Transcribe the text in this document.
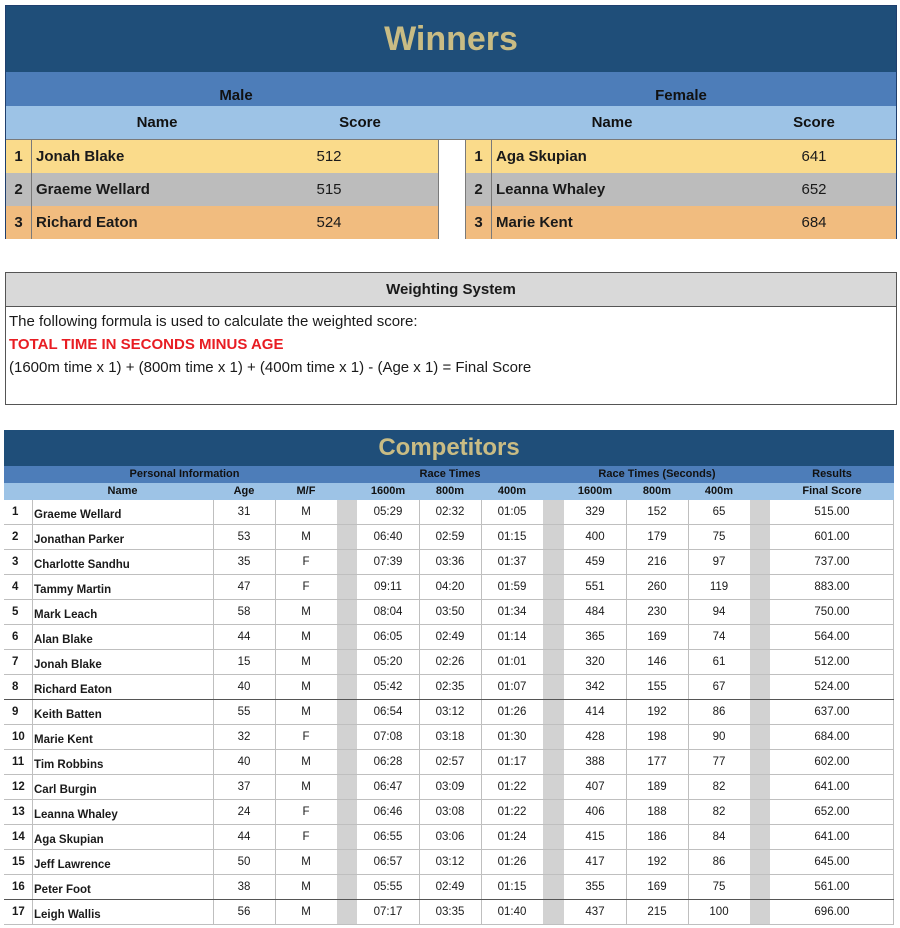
Winners
Male	Female
Name	Score	Name	Score
1 Jonah Blake	512
2 Graeme Wellard	515
3 Richard Eaton	524
1 Aga Skupian	641
2 Leanna Whaley	652
3 Marie Kent	684
Weighting System
The following formula is used to calculate the weighted score:
TOTAL TIME IN SECONDS MINUS AGE
(1600m time x 1) + (800m time x 1) + (400m time x 1) - (Age x 1) = Final Score
Competitors
Personal Information	Race Times	Race Times (Seconds)	Results
Name	Age	M/F	1600m	800m	400m	1600m	800m	400m	Final Score
1	Graeme Wellard	31	M	05:29	02:32	01:05	329	152	65	515.00
2	Jonathan Parker	53	M	06:40	02:59	01:15	400	179	75	601.00
3	Charlotte Sandhu	35	F	07:39	03:36	01:37	459	216	97	737.00
4	Tammy Martin	47	F	09:11	04:20	01:59	551	260	119	883.00
5	Mark Leach	58	M	08:04	03:50	01:34	484	230	94	750.00
6	Alan Blake	44	M	06:05	02:49	01:14	365	169	74	564.00
7	Jonah Blake	15	M	05:20	02:26	01:01	320	146	61	512.00
8	Richard Eaton	40	M	05:42	02:35	01:07	342	155	67	524.00
9	Keith Batten	55	M	06:54	03:12	01:26	414	192	86	637.00
10 Marie Kent	32	F	07:08	03:18	01:30	428	198	90	684.00
11 Tim Robbins	40	M	06:28	02:57	01:17	388	177	77	602.00
12 Carl Burgin	37	M	06:47	03:09	01:22	407	189	82	641.00
13 Leanna Whaley	24	F	06:46	03:08	01:22	406	188	82	652.00
14 Aga Skupian	44	F	06:55	03:06	01:24	415	186	84	641.00
15 Jeff Lawrence	50	M	06:57	03:12	01:26	417	192	86	645.00
16 Peter Foot	38	M	05:55	02:49	01:15	355	169	75	561.00
17 Leigh Wallis	56	M	07:17	03:35	01:40	437	215	100	696.00
